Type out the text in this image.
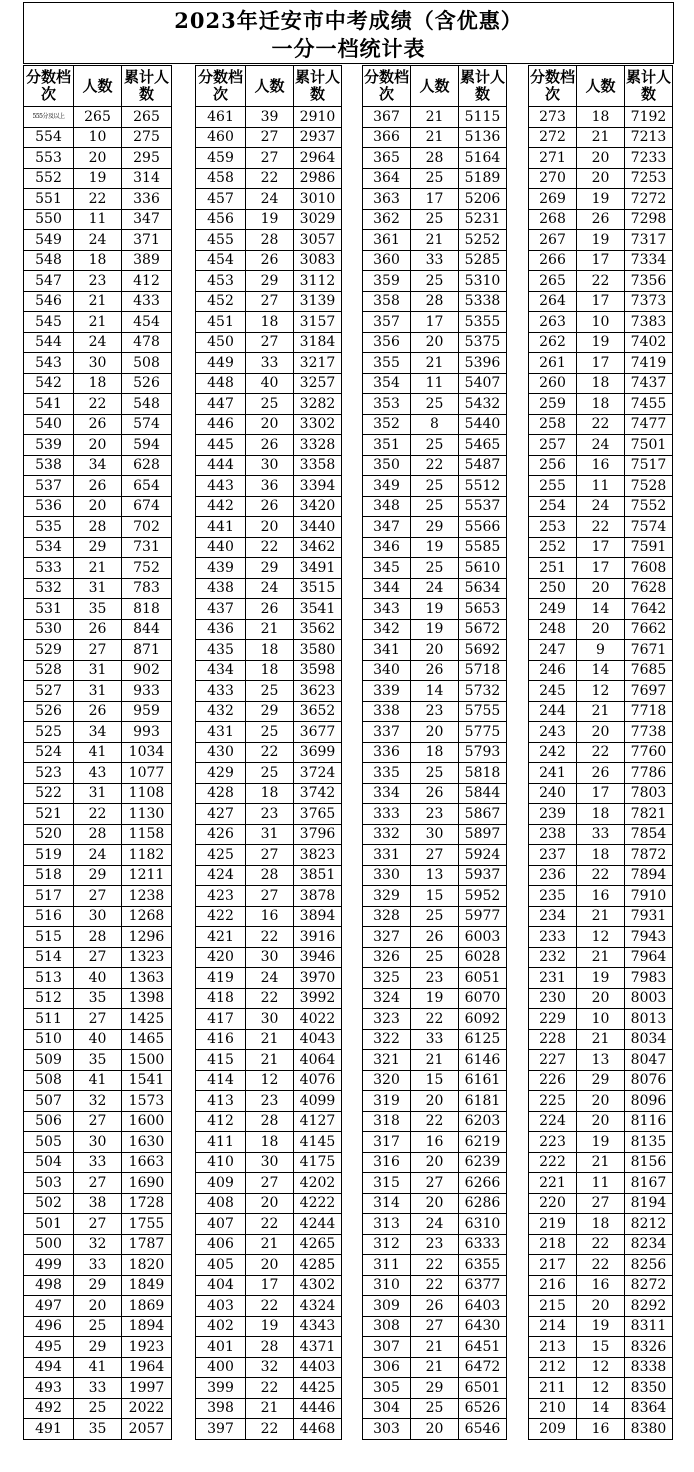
2023年迁安市中考成绩（含优惠）
一分一档统计表
分数档次	人数	累计人数
555分及以上	265	265
554	10	275
553	20	295
552	19	314
551	22	336
550	11	347
549	24	371
548	18	389
547	23	412
546	21	433
545	21	454
544	24	478
543	30	508
542	18	526
541	22	548
540	26	574
539	20	594
538	34	628
537	26	654
536	20	674
535	28	702
534	29	731
533	21	752
532	31	783
531	35	818
530	26	844
529	27	871
528	31	902
527	31	933
526	26	959
525	34	993
524	41	1034
523	43	1077
522	31	1108
521	22	1130
520	28	1158
519	24	1182
518	29	1211
517	27	1238
516	30	1268
515	28	1296
514	27	1323
513	40	1363
512	35	1398
511	27	1425
510	40	1465
509	35	1500
508	41	1541
507	32	1573
506	27	1600
505	30	1630
504	33	1663
503	27	1690
502	38	1728
501	27	1755
500	32	1787
499	33	1820
498	29	1849
497	20	1869
496	25	1894
495	29	1923
494	41	1964
493	33	1997
492	25	2022
491	35	2057
分数档次	人数	累计人数
461	39	2910
460	27	2937
459	27	2964
458	22	2986
457	24	3010
456	19	3029
455	28	3057
454	26	3083
453	29	3112
452	27	3139
451	18	3157
450	27	3184
449	33	3217
448	40	3257
447	25	3282
446	20	3302
445	26	3328
444	30	3358
443	36	3394
442	26	3420
441	20	3440
440	22	3462
439	29	3491
438	24	3515
437	26	3541
436	21	3562
435	18	3580
434	18	3598
433	25	3623
432	29	3652
431	25	3677
430	22	3699
429	25	3724
428	18	3742
427	23	3765
426	31	3796
425	27	3823
424	28	3851
423	27	3878
422	16	3894
421	22	3916
420	30	3946
419	24	3970
418	22	3992
417	30	4022
416	21	4043
415	21	4064
414	12	4076
413	23	4099
412	28	4127
411	18	4145
410	30	4175
409	27	4202
408	20	4222
407	22	4244
406	21	4265
405	20	4285
404	17	4302
403	22	4324
402	19	4343
401	28	4371
400	32	4403
399	22	4425
398	21	4446
397	22	4468
分数档次	人数	累计人数
367	21	5115
366	21	5136
365	28	5164
364	25	5189
363	17	5206
362	25	5231
361	21	5252
360	33	5285
359	25	5310
358	28	5338
357	17	5355
356	20	5375
355	21	5396
354	11	5407
353	25	5432
352	8	5440
351	25	5465
350	22	5487
349	25	5512
348	25	5537
347	29	5566
346	19	5585
345	25	5610
344	24	5634
343	19	5653
342	19	5672
341	20	5692
340	26	5718
339	14	5732
338	23	5755
337	20	5775
336	18	5793
335	25	5818
334	26	5844
333	23	5867
332	30	5897
331	27	5924
330	13	5937
329	15	5952
328	25	5977
327	26	6003
326	25	6028
325	23	6051
324	19	6070
323	22	6092
322	33	6125
321	21	6146
320	15	6161
319	20	6181
318	22	6203
317	16	6219
316	20	6239
315	27	6266
314	20	6286
313	24	6310
312	23	6333
311	22	6355
310	22	6377
309	26	6403
308	27	6430
307	21	6451
306	21	6472
305	29	6501
304	25	6526
303	20	6546
分数档次	人数	累计人数
273	18	7192
272	21	7213
271	20	7233
270	20	7253
269	19	7272
268	26	7298
267	19	7317
266	17	7334
265	22	7356
264	17	7373
263	10	7383
262	19	7402
261	17	7419
260	18	7437
259	18	7455
258	22	7477
257	24	7501
256	16	7517
255	11	7528
254	24	7552
253	22	7574
252	17	7591
251	17	7608
250	20	7628
249	14	7642
248	20	7662
247	9	7671
246	14	7685
245	12	7697
244	21	7718
243	20	7738
242	22	7760
241	26	7786
240	17	7803
239	18	7821
238	33	7854
237	18	7872
236	22	7894
235	16	7910
234	21	7931
233	12	7943
232	21	7964
231	19	7983
230	20	8003
229	10	8013
228	21	8034
227	13	8047
226	29	8076
225	20	8096
224	20	8116
223	19	8135
222	21	8156
221	11	8167
220	27	8194
219	18	8212
218	22	8234
217	22	8256
216	16	8272
215	20	8292
214	19	8311
213	15	8326
212	12	8338
211	12	8350
210	14	8364
209	16	8380
